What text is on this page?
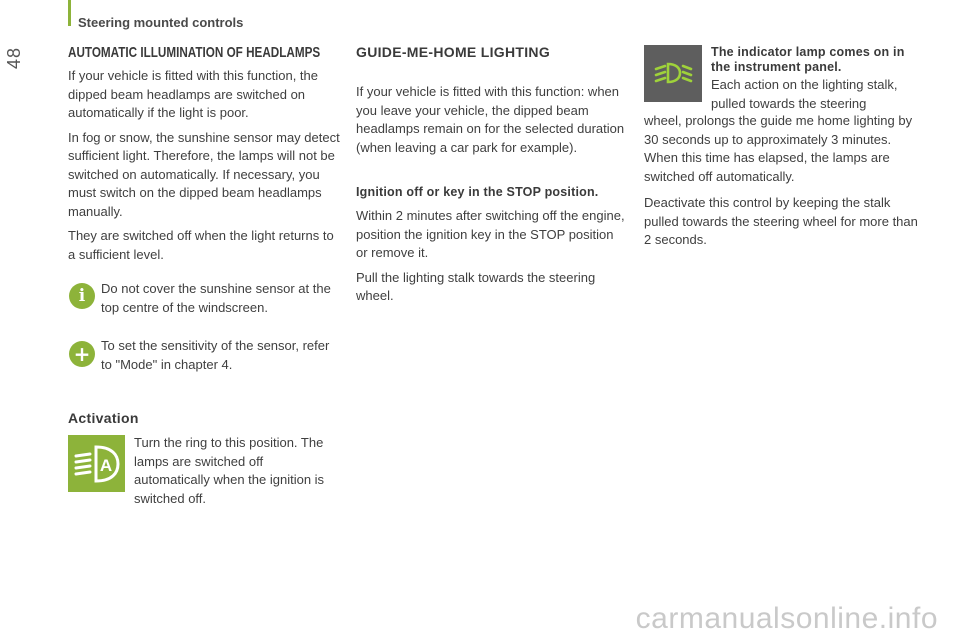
Steering mounted controls
48	AUTOMATIC ILLUMINATION OF HEADLAMPS

If your vehicle is fitted with this function, the dipped beam headlamps are switched on automatically if the light is poor.

In fog or snow, the sunshine sensor may detect sufficient light. Therefore, the lamps will not be switched on automatically. If necessary, you must switch on the dipped beam headlamps manually.

They are switched off when the light returns to a sufficient level.

i	Do not cover the sunshine sensor at the top centre of the windscreen.

+ To set the sensitivity of the sensor, refer to "Mode" in chapter 4.

Activation
A

Turn the ring to this position. The lamps are switched off automatically when the ignition is switched off.

GUIDE-ME-HOME LIGHTING

If your vehicle is fitted with this function: when you leave your vehicle, the dipped beam headlamps remain on for the selected duration (when leaving a car park for example).

Ignition off or key in the STOP position.

Within 2 minutes after switching off the engine, position the ignition key in the STOP position or remove it.

Pull the lighting stalk towards the steering wheel.

The indicator lamp comes on in the instrument panel.

Each action on the lighting stalk, pulled towards the steering

wheel, prolongs the guide me home lighting by 30 seconds up to approximately 3 minutes. When this time has elapsed, the lamps are switched off automatically.

Deactivate this control by keeping the stalk pulled towards the steering wheel for more than 2 seconds.

carmanualsonline.info
